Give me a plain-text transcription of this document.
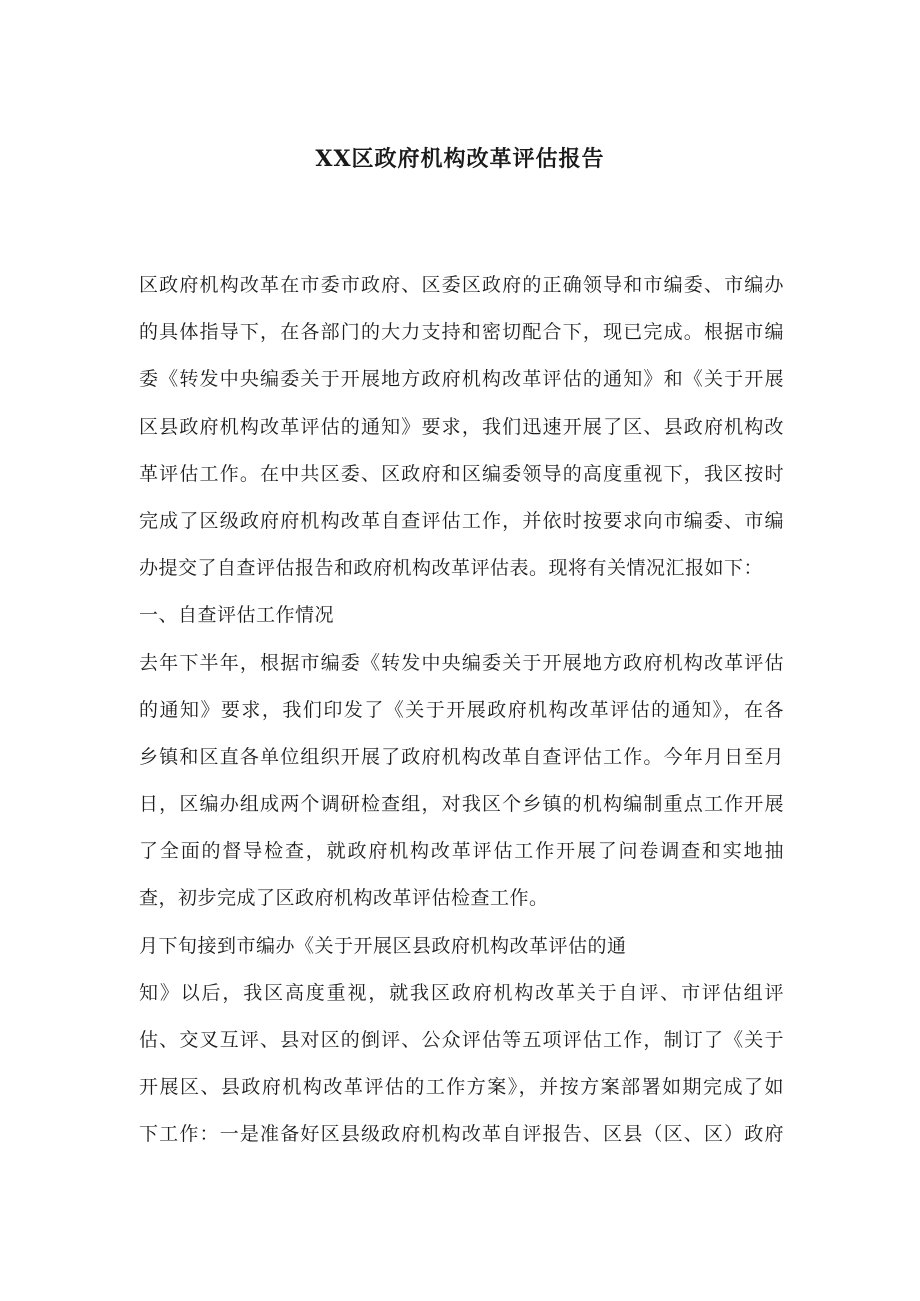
XX区政府机构改革评估报告
区政府机构改革在市委市政府、区委区政府的正确领导和市编委、市编办
的具体指导下，在各部门的大力支持和密切配合下，现已完成。根据市编
委《转发中央编委关于开展地方政府机构改革评估的通知》和《关于开展
区县政府机构改革评估的通知》要求，我们迅速开展了区、县政府机构改
革评估工作。在中共区委、区政府和区编委领导的高度重视下，我区按时
完成了区级政府府机构改革自查评估工作，并依时按要求向市编委、市编
办提交了自查评估报告和政府机构改革评估表。现将有关情况汇报如下：
一、自查评估工作情况
去年下半年，根据市编委《转发中央编委关于开展地方政府机构改革评估
的通知》要求，我们印发了《关于开展政府机构改革评估的通知》，在各
乡镇和区直各单位组织开展了政府机构改革自查评估工作。今年月日至月
日，区编办组成两个调研检查组，对我区个乡镇的机构编制重点工作开展
了全面的督导检查，就政府机构改革评估工作开展了问卷调查和实地抽
查，初步完成了区政府机构改革评估检查工作。
月下旬接到市编办《关于开展区县政府机构改革评估的通
知》以后，我区高度重视，就我区政府机构改革关于自评、市评估组评
估、交叉互评、县对区的倒评、公众评估等五项评估工作，制订了《关于
开展区、县政府机构改革评估的工作方案》，并按方案部署如期完成了如
下工作：一是准备好区县级政府机构改革自评报告、区县（区、区）政府
